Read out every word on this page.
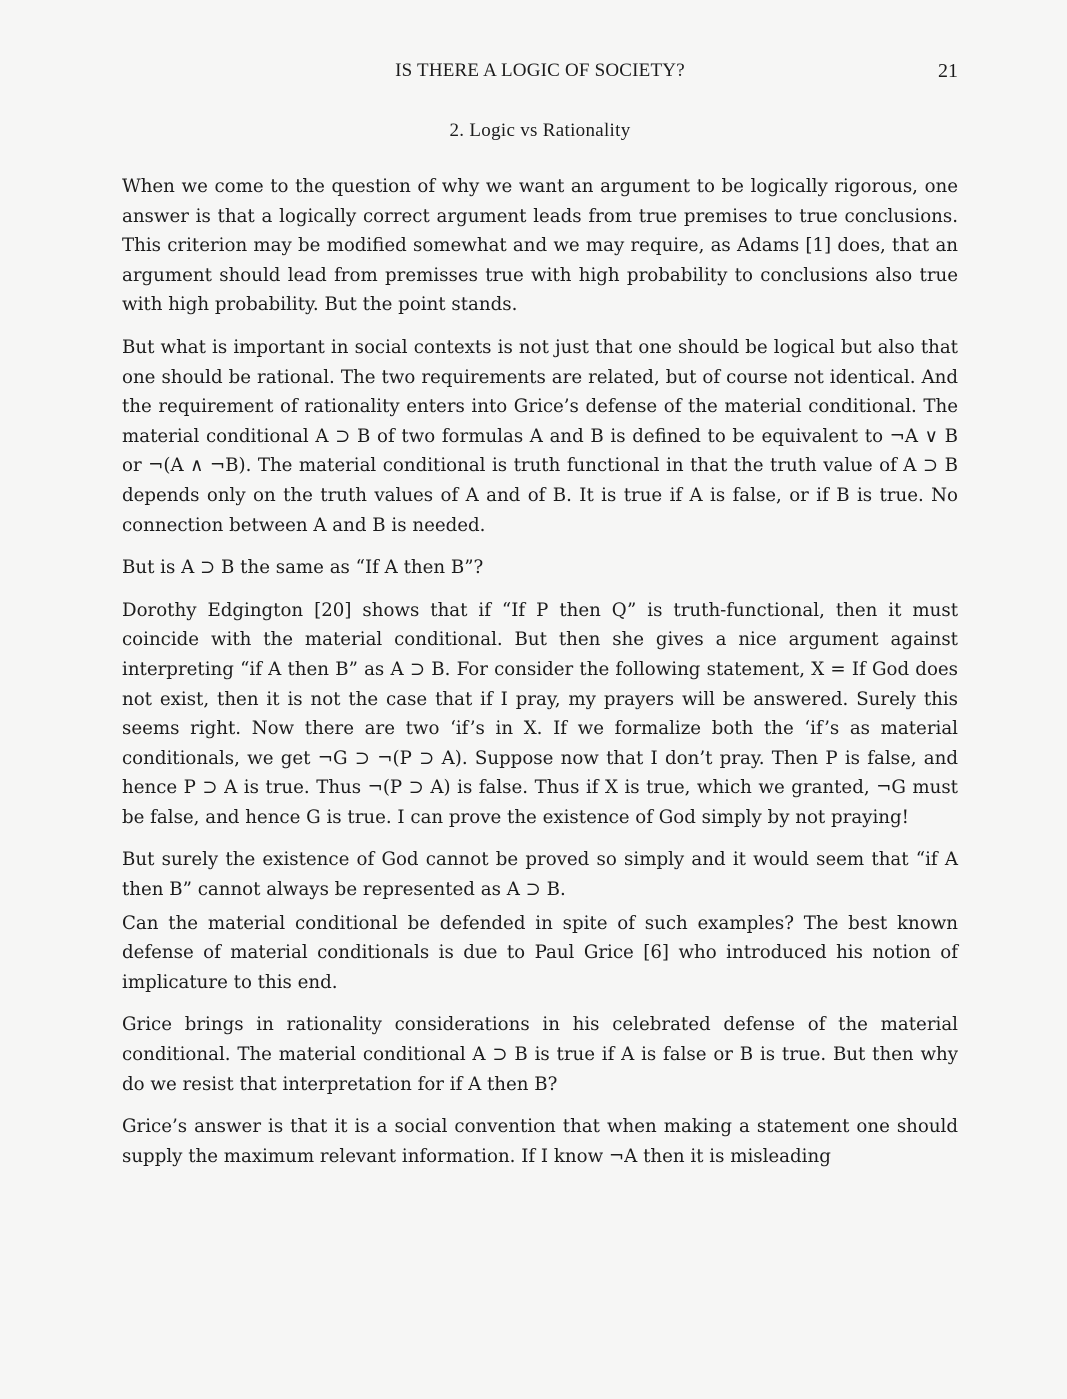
IS THERE A LOGIC OF SOCIETY?	21
2. Logic vs Rationality

When we come to the question of why we want an argument to be logically rigorous, one answer is that a logically correct argument leads from true premises to true conclusions. This criterion may be modified somewhat and we may require, as Adams [1] does, that an argument should lead from premisses true with high probability to conclusions also true with high probability. But the point stands.

But what is important in social contexts is not just that one should be logical but also that one should be rational. The two requirements are related, but of course not identical. And the requirement of rationality enters into Grice’s defense of the material conditional. The material conditional A ⊃ B of two formulas A and B is defined to be equivalent to ¬A ∨ B or ¬(A ∧ ¬B). The material conditional is truth functional in that the truth value of A ⊃ B depends only on the truth values of A and of B. It is true if A is false, or if B is true. No connection between A and B is needed.

But is A ⊃ B the same as “If A then B”?

Dorothy Edgington [20] shows that if “If P then Q” is truth-functional, then it must coincide with the material conditional. But then she gives a nice argument against interpreting “if A then B” as A ⊃ B. For consider the following statement, X = If God does not exist, then it is not the case that if I pray, my prayers will be answered. Surely this seems right. Now there are two ‘if’s in X. If we formalize both the ‘if’s as material conditionals, we get ¬G ⊃ ¬(P ⊃ A). Suppose now that I don’t pray. Then P is false, and hence P ⊃ A is true. Thus ¬(P ⊃ A) is false. Thus if X is true, which we granted, ¬G must be false, and hence G is true. I can prove the existence of God simply by not praying!

But surely the existence of God cannot be proved so simply and it would seem that “if A then B” cannot always be represented as A ⊃ B.

Can the material conditional be defended in spite of such examples? The best known defense of material conditionals is due to Paul Grice [6] who introduced his notion of implicature to this end.

Grice brings in rationality considerations in his celebrated defense of the material conditional. The material conditional A ⊃ B is true if A is false or B is true. But then why do we resist that interpretation for if A then B?

Grice’s answer is that it is a social convention that when making a statement one should supply the maximum relevant information. If I know ¬A then it is misleading
